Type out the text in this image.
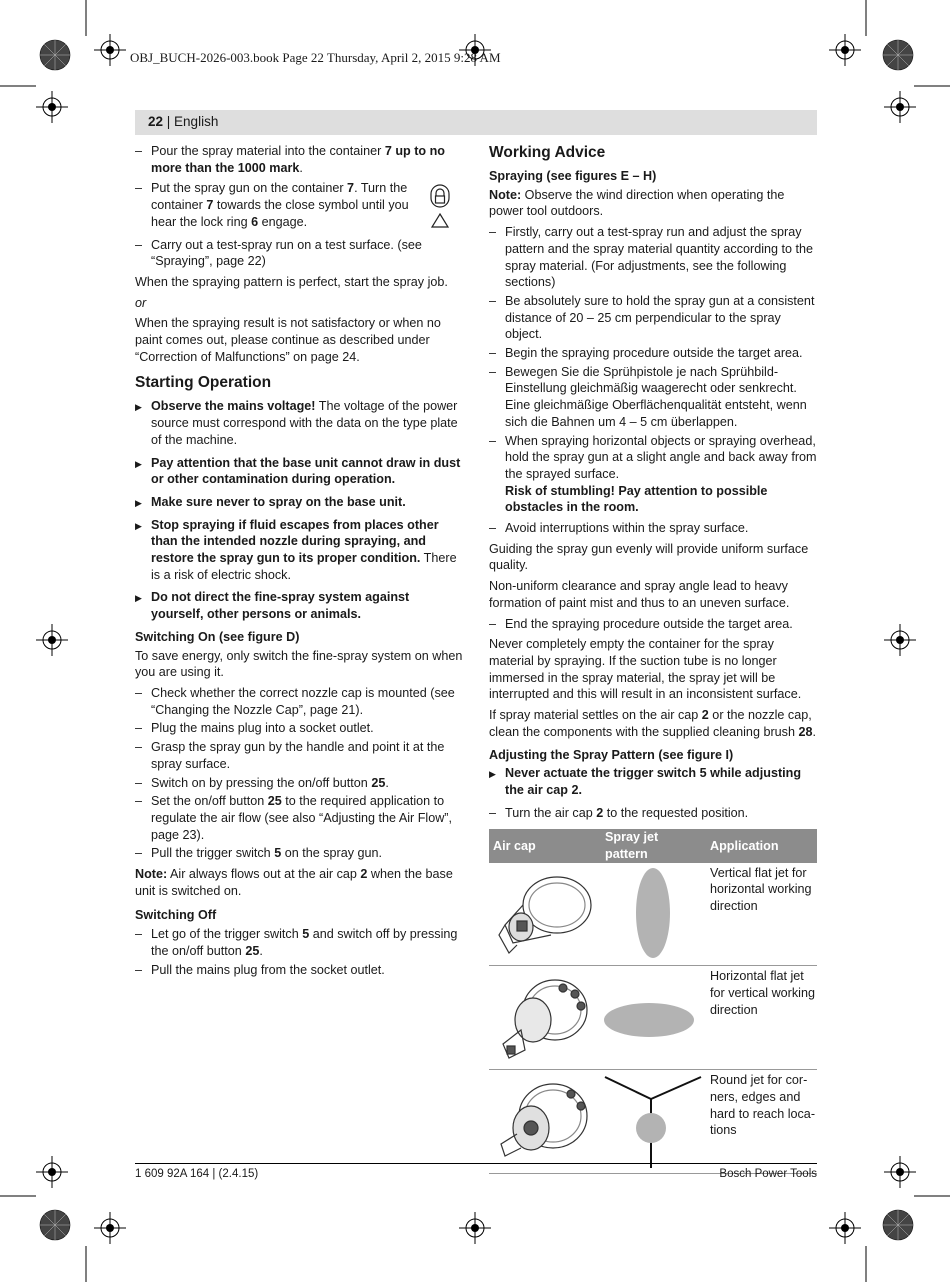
OBJ_BUCH-2026-003.book Page 22 Thursday, April 2, 2015 9:28 AM
22 | English
– Pour the spray material into the container 7 up to no more than the 1000 mark.
– Put the spray gun on the container 7. Turn the container 7 towards the close symbol until you hear the lock ring 6 engage.
– Carry out a test-spray run on a test surface. (see “Spraying”, page 22)

When the spraying pattern is perfect, start the spray job.

or

When the spraying result is not satisfactory or when no paint comes out, please continue as described under “Correction of Malfunctions” on page 24.

Starting Operation
▶ Observe the mains voltage! The voltage of the power source must correspond with the data on the type plate of the machine.
▶ Pay attention that the base unit cannot draw in dust or other contamination during operation.
▶ Make sure never to spray on the base unit.
▶ Stop spraying if fluid escapes from places other than the intended nozzle during spraying, and restore the spray gun to its proper condition. There is a risk of electric shock.
▶ Do not direct the fine-spray system against yourself, other persons or animals.
Switching On (see figure D)

To save energy, only switch the fine-spray system on when you are using it.

– Check whether the correct nozzle cap is mounted (see “Changing the Nozzle Cap”, page 21).
– Plug the mains plug into a socket outlet.
– Grasp the spray gun by the handle and point it at the spray surface.
– Switch on by pressing the on/off button 25.
– Set the on/off button 25 to the required application to regulate the air flow (see also “Adjusting the Air Flow”, page 23).
– Pull the trigger switch 5 on the spray gun.

Note: Air always flows out at the air cap 2 when the base unit is switched on.

Switching Off
– Let go of the trigger switch 5 and switch off by pressing the on/off button 25.
– Pull the mains plug from the socket outlet.
Working Advice
Spraying (see figures E – H)

Note: Observe the wind direction when operating the power tool outdoors.

– Firstly, carry out a test-spray run and adjust the spray pattern and the spray material quantity according to the spray material. (For adjustments, see the following sections)
– Be absolutely sure to hold the spray gun at a consistent distance of 20 – 25 cm perpendicular to the spray object.
– Begin the spraying procedure outside the target area.
– Bewegen Sie die Sprühpistole je nach Sprühbild-Einstellung gleichmäßig waagerecht oder senkrecht.
Eine gleichmäßige Oberflächenqualität entsteht, wenn sich die Bahnen um 4 – 5 cm überlappen.
– When spraying horizontal objects or spraying overhead, hold the spray gun at a slight angle and back away from the sprayed surface.
Risk of stumbling! Pay attention to possible obstacles in the room.
– Avoid interruptions within the spray surface.

Guiding the spray gun evenly will provide uniform surface quality.

Non-uniform clearance and spray angle lead to heavy formation of paint mist and thus to an uneven surface.

– End the spraying procedure outside the target area.

Never completely empty the container for the spray material by spraying. If the suction tube is no longer immersed in the spray material, the spray jet will be interrupted and this will result in an inconsistent surface.

If spray material settles on the air cap 2 or the nozzle cap, clean the components with the supplied cleaning brush 28.

Adjusting the Spray Pattern (see figure I)
▶ Never actuate the trigger switch 5 while adjusting the air cap 2.
– Turn the air cap 2 to the requested position.
Air cap	Spray jet pattern	Application
		Vertical flat jet for horizontal working direction
		Horizontal flat jet for vertical working direction
		Round jet for corners, edges and hard to reach locations
1 609 92A 164 | (2.4.15)	Bosch Power Tools
